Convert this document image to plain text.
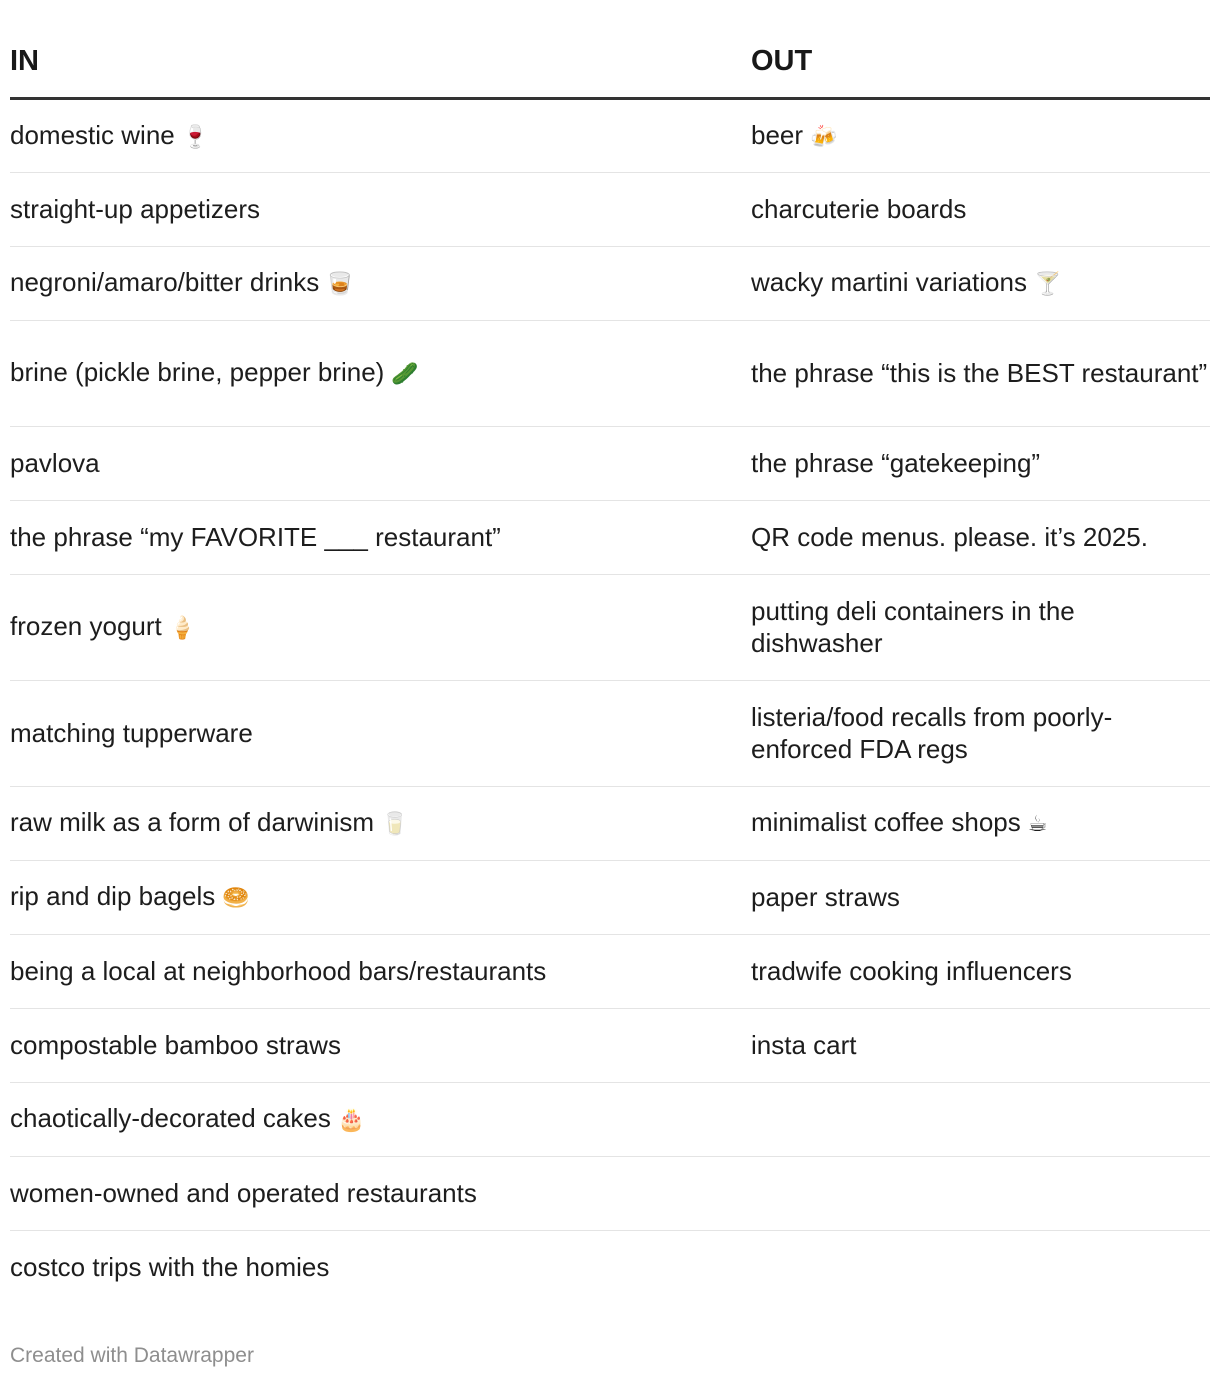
IN	OUT
domestic wine 🍷	beer 🍻
straight-up appetizers	charcuterie boards
negroni/amaro/bitter drinks 🥃	wacky martini variations 🍸
brine (pickle brine, pepper brine) 🥒	the phrase “this is the BEST restaurant”
pavlova	the phrase “gatekeeping”
the phrase “my FAVORITE ___ restaurant”	QR code menus. please. it’s 2025.
frozen yogurt 🍦	putting deli containers in the dishwasher
matching tupperware	listeria/food recalls from poorly-enforced FDA regs
raw milk as a form of darwinism 🥛	minimalist coffee shops ☕
rip and dip bagels 🥯	paper straws
being a local at neighborhood bars/restaurants	tradwife cooking influencers
compostable bamboo straws	insta cart
chaotically-decorated cakes 🎂	
women-owned and operated restaurants	
costco trips with the homies	
Created with Datawrapper
